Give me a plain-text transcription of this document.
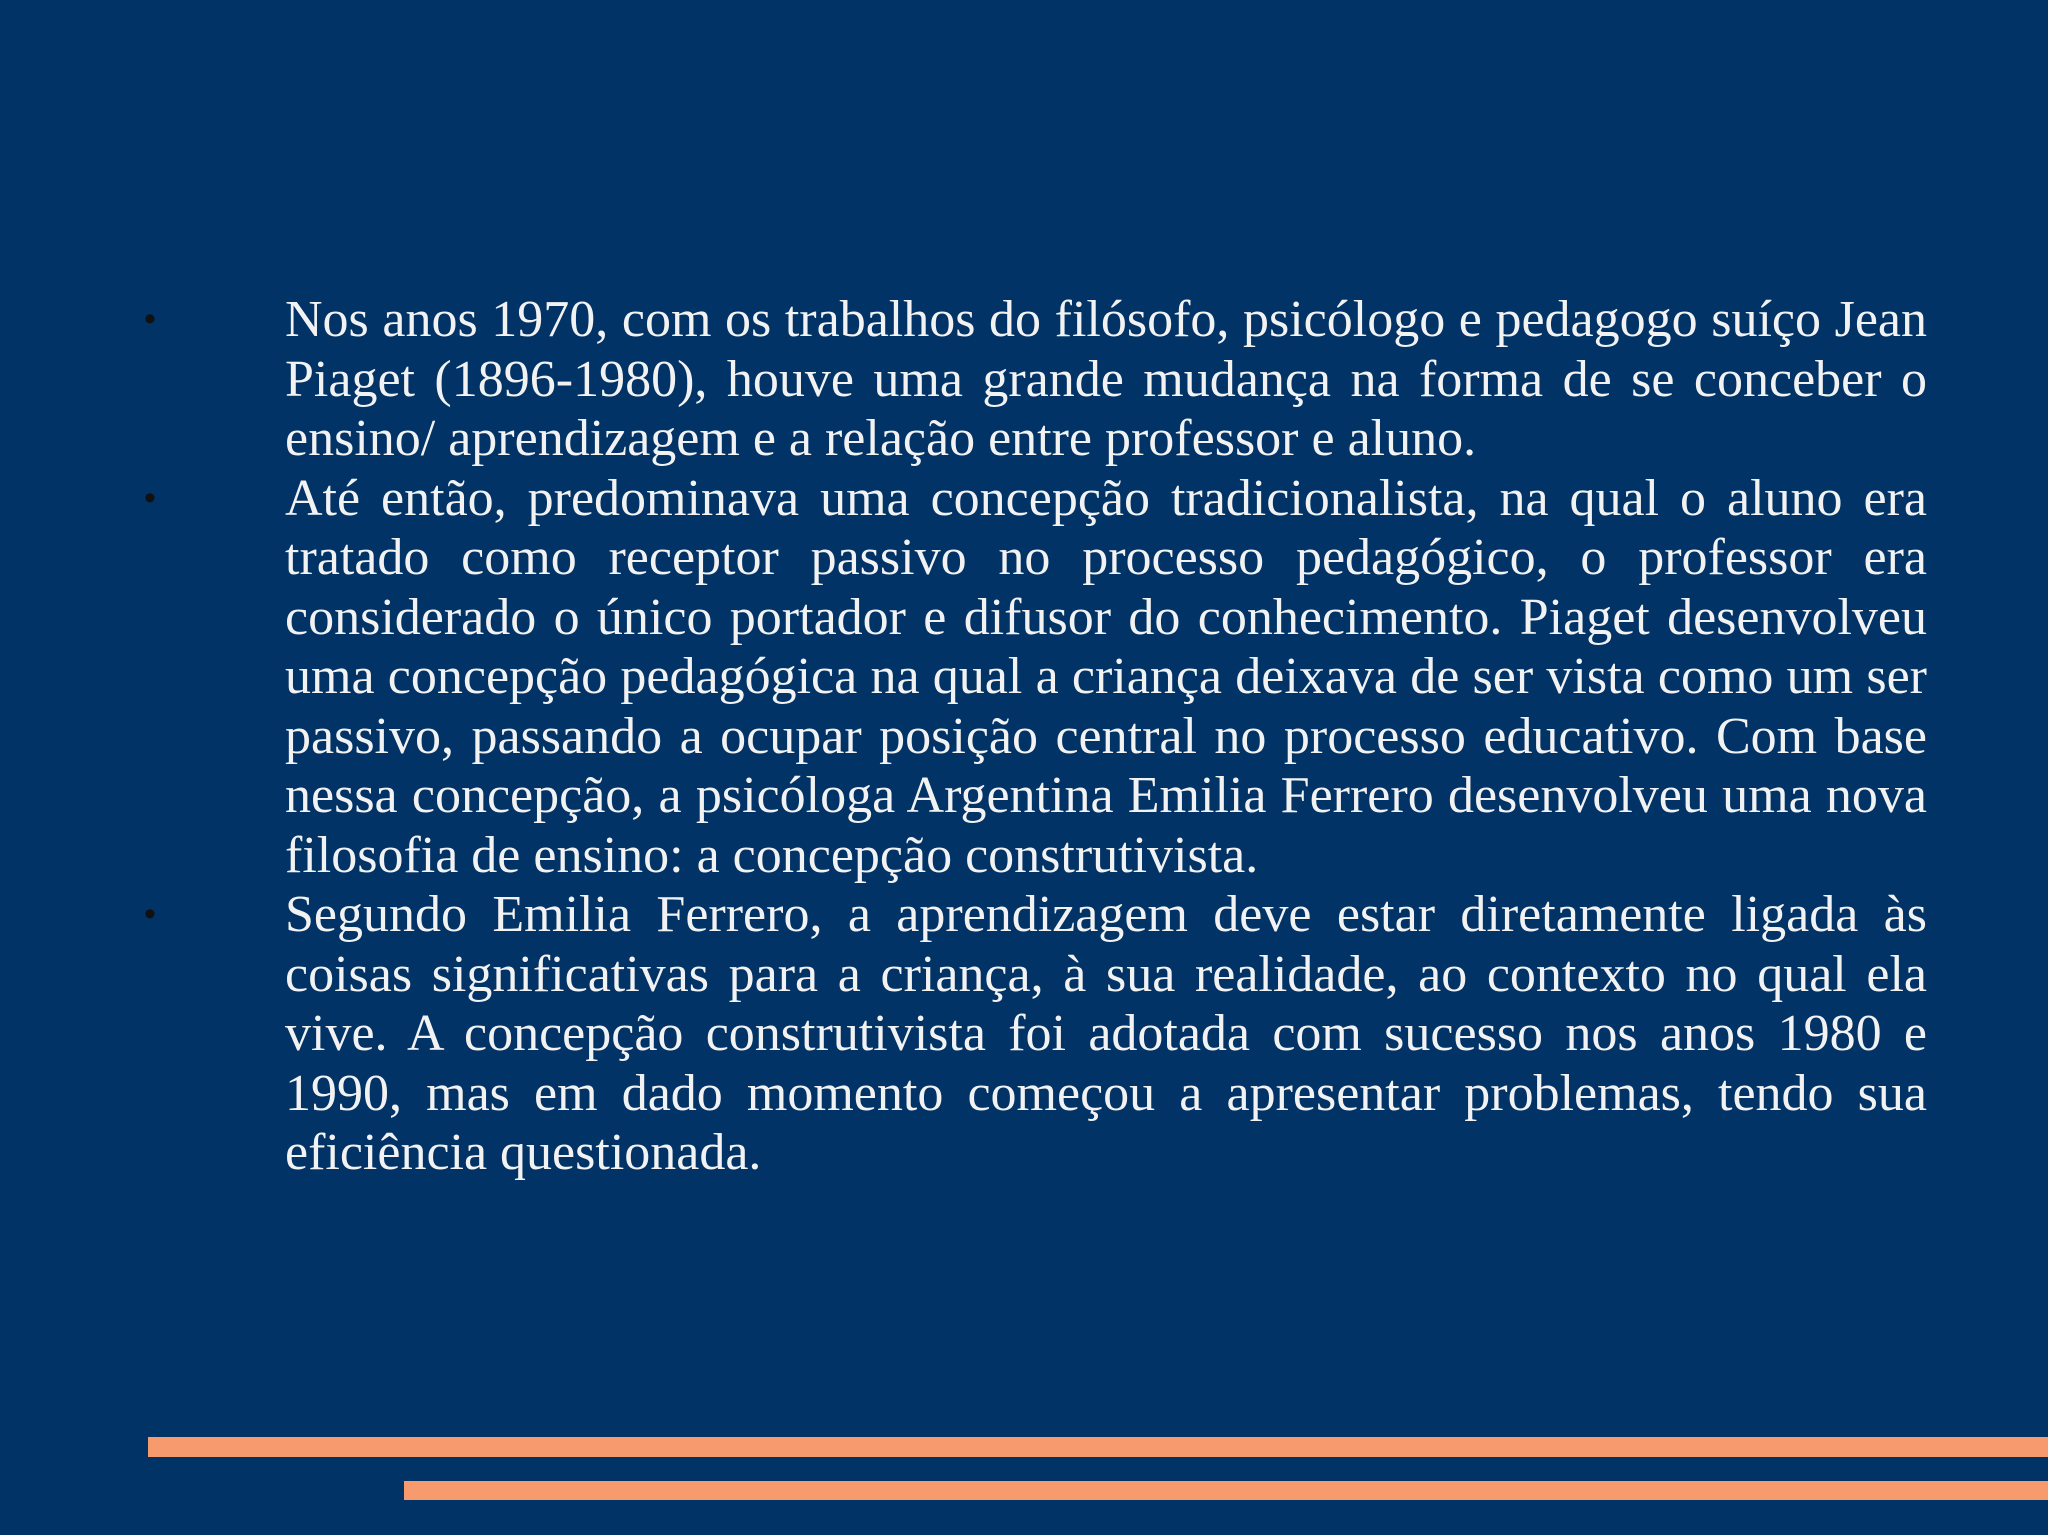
• Nos anos 1970, com os trabalhos do filósofo, psicólogo e pedagogo suíço Jean Piaget (1896-1980), houve uma grande mudança na forma de se conceber o ensino/ aprendizagem e a relação entre professor e aluno.
• Até então, predominava uma concepção tradicionalista, na qual o aluno era tratado como receptor passivo no processo pedagógico, o professor era considerado o único portador e difusor do conhecimento. Piaget desenvolveu uma concepção pedagógica na qual a criança deixava de ser vista como um ser passivo, passando a ocupar posição central no processo educativo. Com base nessa concepção, a psicóloga Argentina Emilia Ferrero desenvolveu uma nova filosofia de ensino: a concepção construtivista.
• Segundo Emilia Ferrero, a aprendizagem deve estar diretamente ligada às coisas significativas para a criança, à sua realidade, ao contexto no qual ela vive. A concepção construtivista foi adotada com sucesso nos anos 1980 e 1990, mas em dado momento começou a apresentar problemas, tendo sua eficiência questionada.
